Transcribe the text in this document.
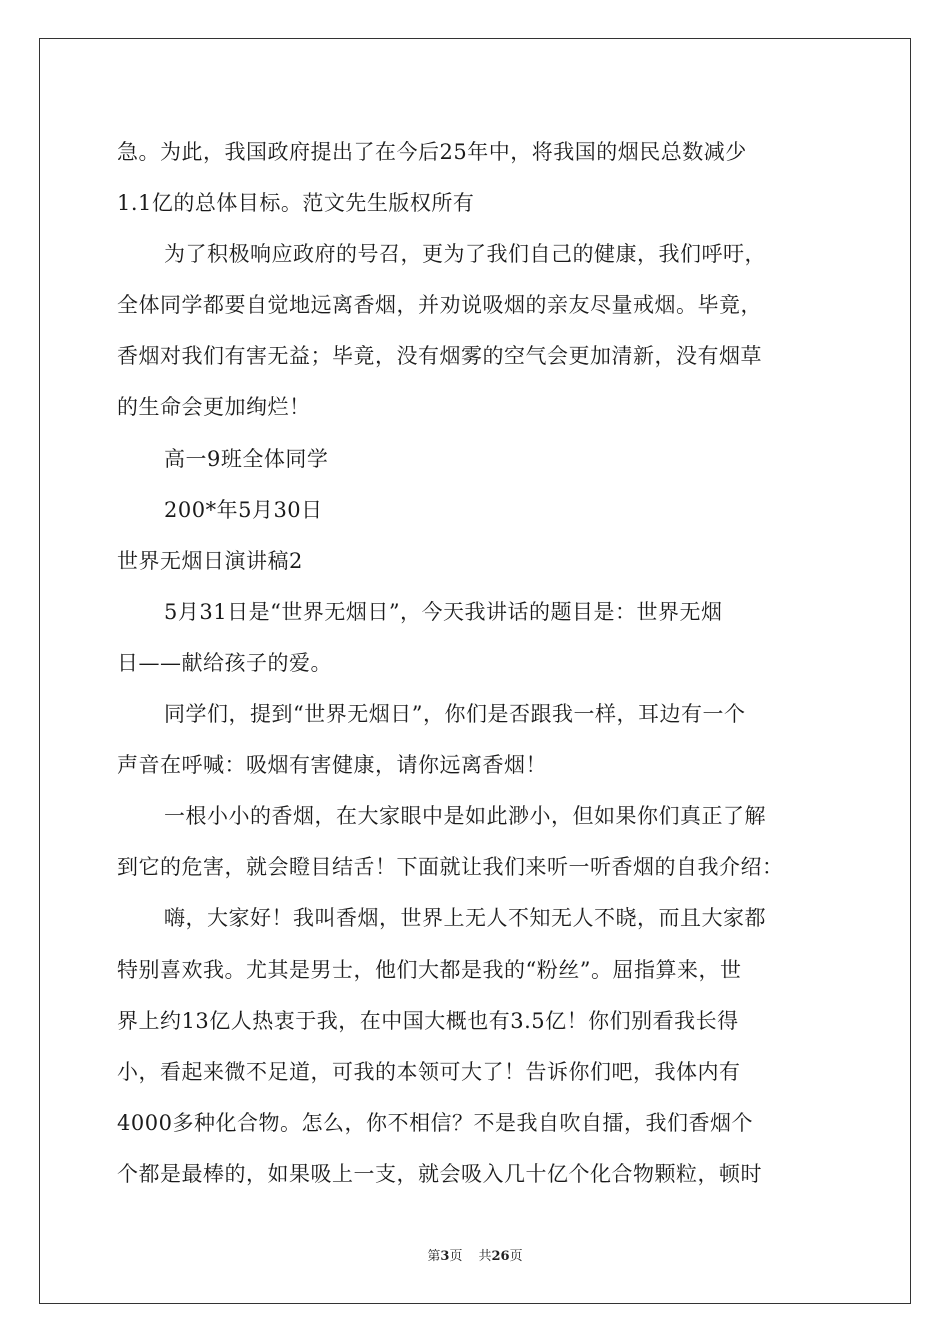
急。为此，我国政府提出了在今后25年中，将我国的烟民总数减少
1.1亿的总体目标。范文先生版权所有
为了积极响应政府的号召，更为了我们自己的健康，我们呼吁，
全体同学都要自觉地远离香烟，并劝说吸烟的亲友尽量戒烟。毕竟，
香烟对我们有害无益；毕竟，没有烟雾的空气会更加清新，没有烟草
的生命会更加绚烂！
高一9班全体同学
200*年5月30日
世界无烟日演讲稿2
5月31日是“世界无烟日”，今天我讲话的题目是：世界无烟
日——献给孩子的爱。
同学们，提到“世界无烟日”，你们是否跟我一样，耳边有一个
声音在呼喊：吸烟有害健康，请你远离香烟！
一根小小的香烟，在大家眼中是如此渺小，但如果你们真正了解
到它的危害，就会瞪目结舌！下面就让我们来听一听香烟的自我介绍：
嗨，大家好！我叫香烟，世界上无人不知无人不晓，而且大家都
特别喜欢我。尤其是男士，他们大都是我的“粉丝”。屈指算来，世
界上约13亿人热衷于我，在中国大概也有3.5亿！你们别看我长得
小，看起来微不足道，可我的本领可大了！告诉你们吧，我体内有
4000多种化合物。怎么，你不相信？不是我自吹自擂，我们香烟个
个都是最棒的，如果吸上一支，就会吸入几十亿个化合物颗粒，顿时
第3页 共26页
